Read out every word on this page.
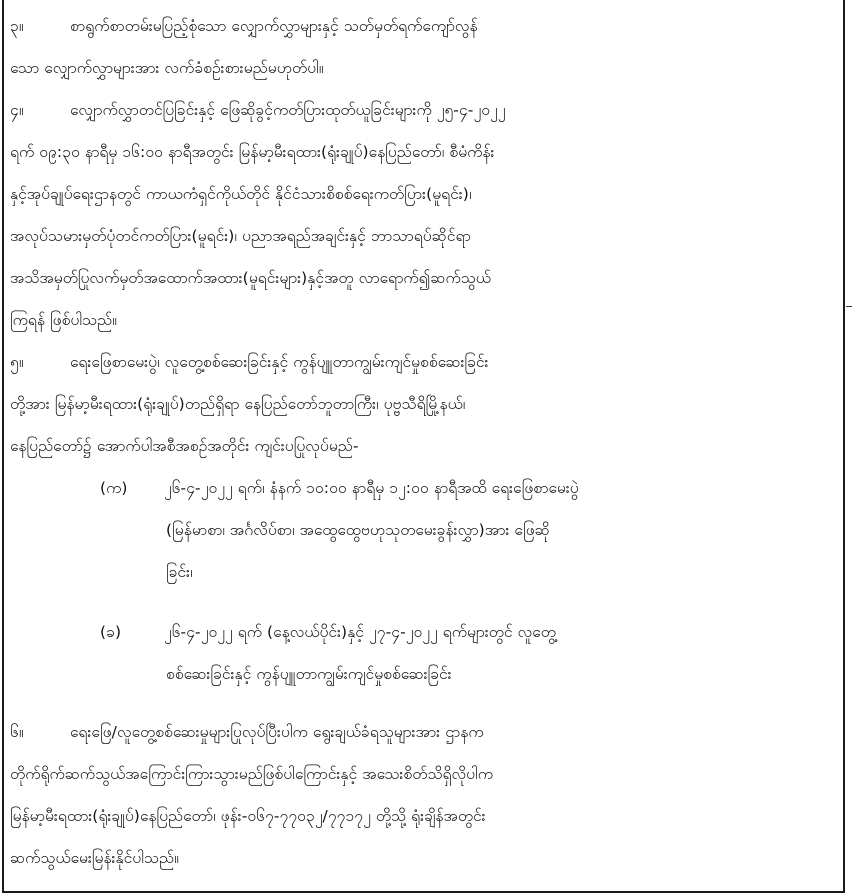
၃။	စာရွက်စာတမ်းမပြည့်စုံသော လျှောက်လွှာများနှင့် သတ်မှတ်ရက်ကျော်လွန်
သော လျှောက်လွှာများအား လက်ခံစဉ်းစားမည်မဟုတ်ပါ။
၄။	လျှောက်လွှာတင်ပြခြင်းနှင့် ဖြေဆိုခွင့်ကတ်ပြားထုတ်ယူခြင်းများကို ၂၅-၄-၂၀၂၂
ရက် ၀၉:၃၀ နာရီမှ ၁၆:၀၀ နာရီအတွင်း မြန်မာ့မီးရထား(ရုံးချုပ်)နေပြည်တော်၊ စီမံကိန်း
နှင့်အုပ်ချုပ်ရေးဌာနတွင် ကာယကံရှင်ကိုယ်တိုင် နိုင်ငံသားစိစစ်ရေးကတ်ပြား(မူရင်း)၊
အလုပ်သမားမှတ်ပုံတင်ကတ်ပြား(မူရင်း)၊ ပညာအရည်အချင်းနှင့် ဘာသာရပ်ဆိုင်ရာ
အသိအမှတ်ပြုလက်မှတ်အထောက်အထား(မူရင်းများ)နှင့်အတူ လာရောက်၍ဆက်သွယ်
ကြရန် ဖြစ်ပါသည်။
၅။	ရေးဖြေစာမေးပွဲ၊ လူတွေ့စစ်ဆေးခြင်းနှင့် ကွန်ပျူတာကျွမ်းကျင်မှုစစ်ဆေးခြင်း
တို့အား မြန်မာ့မီးရထား(ရုံးချုပ်)တည်ရှိရာ နေပြည်တော်ဘူတာကြီး၊ ပုဗ္ဗသီရိမြို့နယ်၊
နေပြည်တော်၌ အောက်ပါအစီအစဉ်အတိုင်း ကျင်းပပြုလုပ်မည်-
(က) ၂၆-၄-၂၀၂၂ ရက်၊ နံနက် ၁၀:၀၀ နာရီမှ ၁၂:၀၀ နာရီအထိ ရေးဖြေစာမေးပွဲ
(မြန်မာစာ၊ အင်္ဂလိပ်စာ၊ အထွေထွေဗဟုသုတမေးခွန်းလွှာ)အား ဖြေဆို
ခြင်း၊
(ခ)	၂၆-၄-၂၀၂၂ ရက် (နေ့လယ်ပိုင်း)နှင့် ၂၇-၄-၂၀၂၂ ရက်များတွင် လူတွေ့
စစ်ဆေးခြင်းနှင့် ကွန်ပျူတာကျွမ်းကျင်မှုစစ်ဆေးခြင်း
၆။	ရေးဖြေ/လူတွေ့စစ်ဆေးမှုများပြုလုပ်ပြီးပါက ရွေးချယ်ခံရသူများအား ဌာနက
တိုက်ရိုက်ဆက်သွယ်အကြောင်းကြားသွားမည်ဖြစ်ပါကြောင်းနှင့် အသေးစိတ်သိရှိလိုပါက
မြန်မာ့မီးရထား(ရုံးချုပ်)နေပြည်တော်၊ ဖုန်း-၀၆၇-၇၇၀၃၂/၇၇၁၇၂ တို့သို့ ရုံးချိန်အတွင်း
ဆက်သွယ်မေးမြန်းနိုင်ပါသည်။
